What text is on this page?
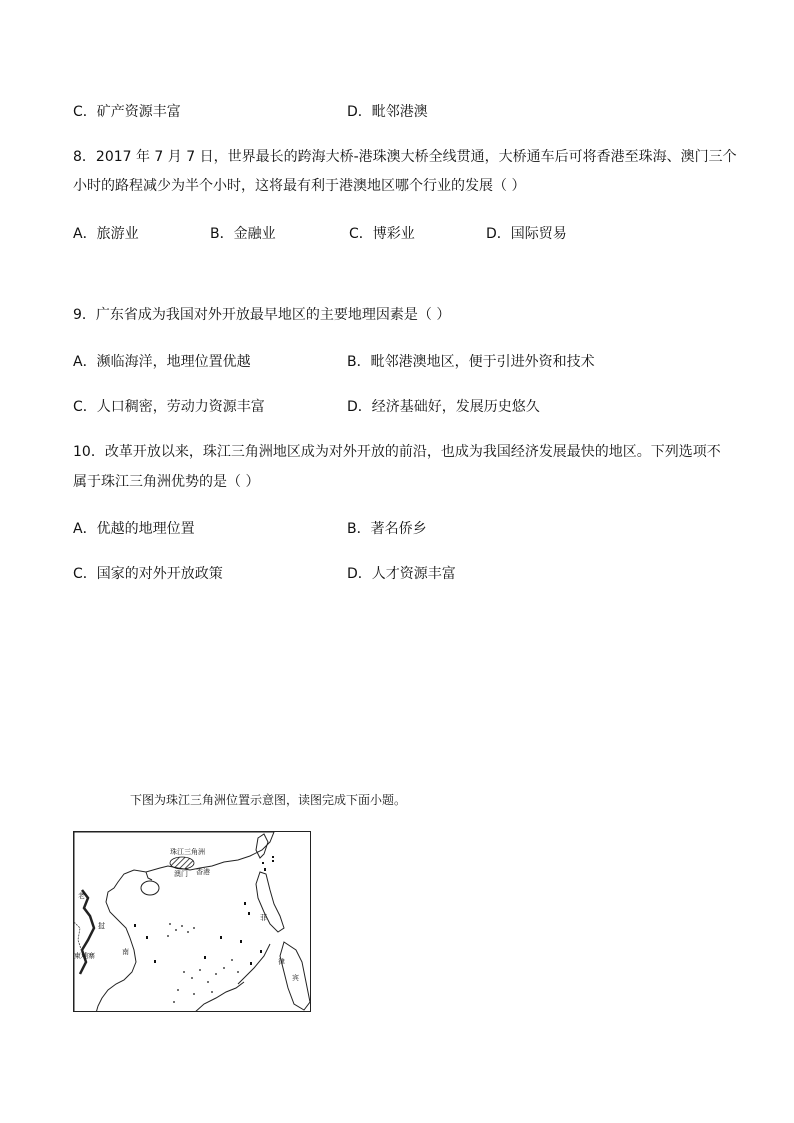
C．矿产资源丰富	D．毗邻港澳
8．2017 年 7 月 7 日，世界最长的跨海大桥-港珠澳大桥全线贯通，大桥通车后可将香港至珠海、澳门三个
小时的路程减少为半个小时，这将最有利于港澳地区哪个行业的发展（ ）
A．旅游业	B．金融业	C．博彩业	D．国际贸易
9．广东省成为我国对外开放最早地区的主要地理因素是（ ）
A．濒临海洋，地理位置优越	B．毗邻港澳地区，便于引进外资和技术
C．人口稠密，劳动力资源丰富	D．经济基础好，发展历史悠久
10．改革开放以来，珠江三角洲地区成为对外开放的前沿，也成为我国经济发展最快的地区。下列选项不
属于珠江三角洲优势的是（ ）
A．优越的地理位置	B．著名侨乡
C．国家的对外开放政策	D．人才资源丰富
下图为珠江三角洲位置示意图，读图完成下面小题。
珠江三角洲
香港
澳门
老
挝
柬埔寨	南
菲
律
宾
